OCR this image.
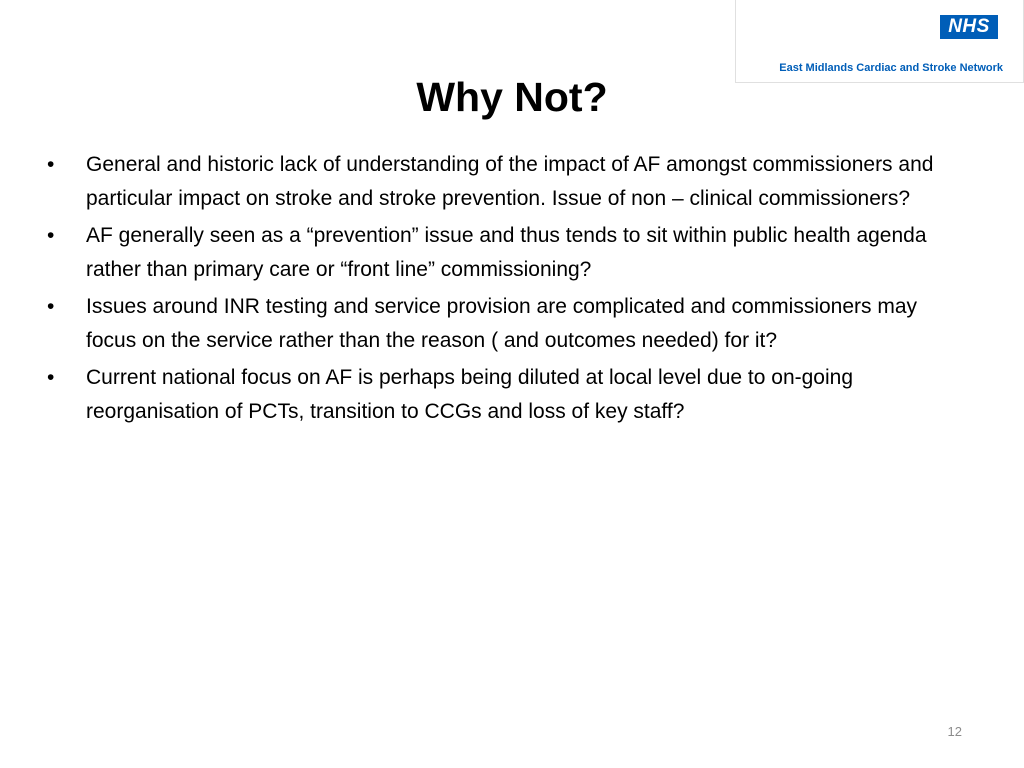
NHS
East Midlands Cardiac and Stroke Network
Why Not?
• General and historic lack of understanding of the impact of AF amongst commissioners and particular impact on stroke and stroke prevention. Issue of non – clinical commissioners?
• AF generally seen as a “prevention” issue and thus tends to sit within public health agenda rather than primary care or “front line” commissioning?
• Issues around INR testing and service provision are complicated and commissioners may focus on the service rather than the reason ( and outcomes needed) for it?
• Current national focus on AF is perhaps being diluted at local level due to on-going reorganisation of PCTs, transition to CCGs and loss of key staff?
12
